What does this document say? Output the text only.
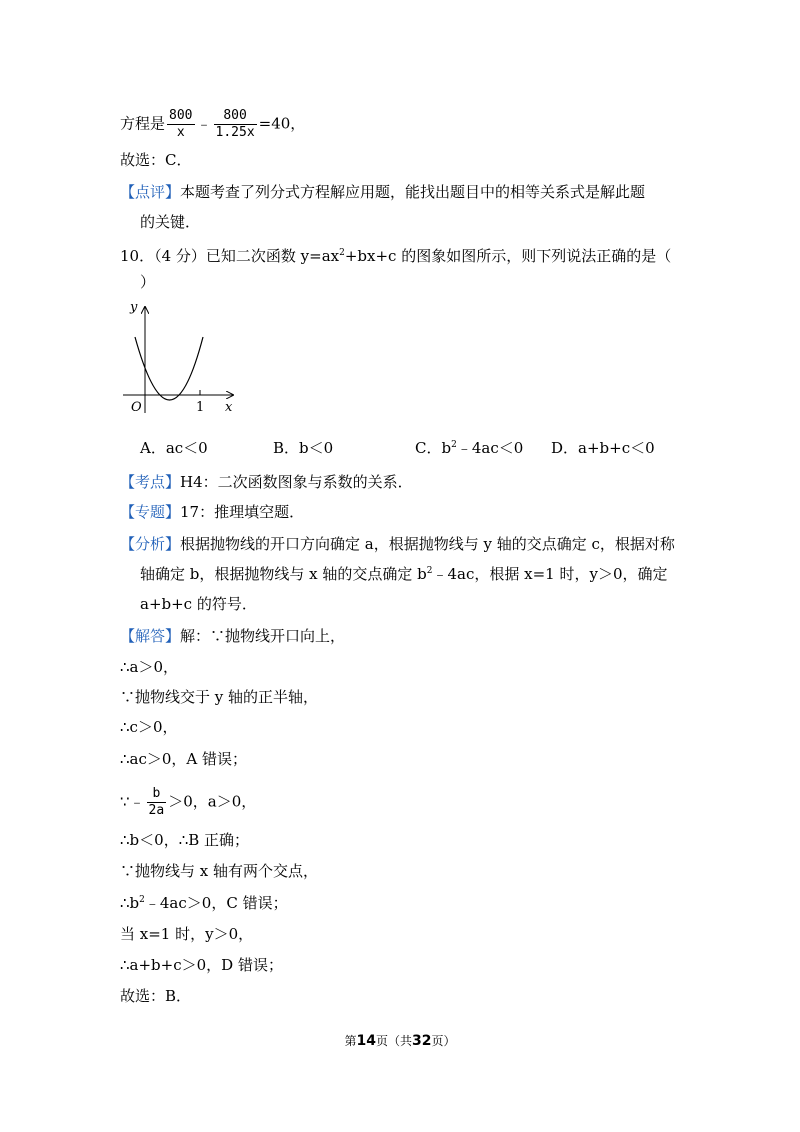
方程是 $\frac{800}{x}$ ﹣ $\frac{800}{1.25x} =40$，
故选：C．
【点评】本题考查了列分式方程解应用题，能找出题目中的相等关系式是解此题
的关键．
10．（4 分）已知二次函数 $y=ax^2+bx+c$ 的图象如图所示，则下列说法正确的是（
）
y
x
O	1
A．ac＜0	B．b＜0	C．$b^2﹣4ac<0$ D．a+b+c＜0
【考点】H4：二次函数图象与系数的关系．
【专题】17：推理填空题．
【分析】根据抛物线的开口方向确定 a，根据抛物线与 y 轴的交点确定 c，根据对称
轴确定 b，根据抛物线与 x 轴的交点确定 $b^2﹣4ac$，根据 x=1 时，y＞0，确定
a+b+c 的符号．
【解答】解：∵抛物线开口向上，
∴a＞0，
∵抛物线交于 y 轴的正半轴，
∴c＞0，
∴ac＞0，A 错误；
∵﹣ $\frac{b}{2a} >0$，a＞0，
∴b＜0，∴B 正确；
∵抛物线与 x 轴有两个交点，
$\therefore b^2﹣4ac>0$，C 错误；
当 x=1 时，y＞0，
∴a+b+c＞0，D 错误；
故选：B．
第14页（共32页）
